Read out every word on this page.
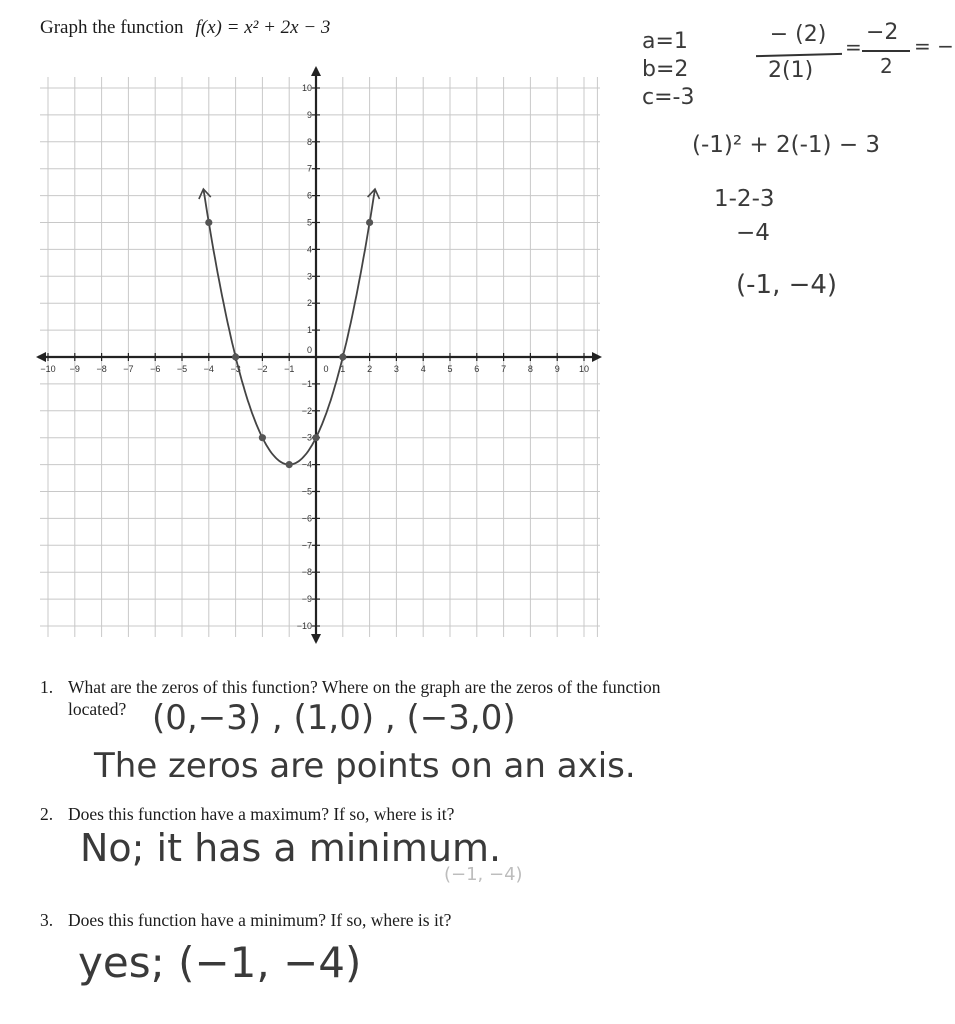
Graph the function f(x) = x² + 2x − 3
a=1
b=2
c=-3
− (2)
2(1)
=
−2
2
= −
(-1)² + 2(-1) − 3
1-2-3
−4
(-1, −4)
−10 −9 −8 −7 −6 −5 −4 −3 −2 −1	0 1 2 3 4 5 6 7 8 9 10
−10
−9
−8
−7
−6
−5
−4
−3
−2
−1
0
1
2
3
4
5
6
7
8
9
10
1. What are the zeros of this function? Where on the graph are the zeros of the function
located? (0,−3) , (1,0) , (−3,0)
The zeros are points on an axis.
2. Does this function have a maximum? If so, where is it?
No; it has a minimum.
(−1, −4)
3. Does this function have a minimum? If so, where is it?
yes; (−1, −4)
